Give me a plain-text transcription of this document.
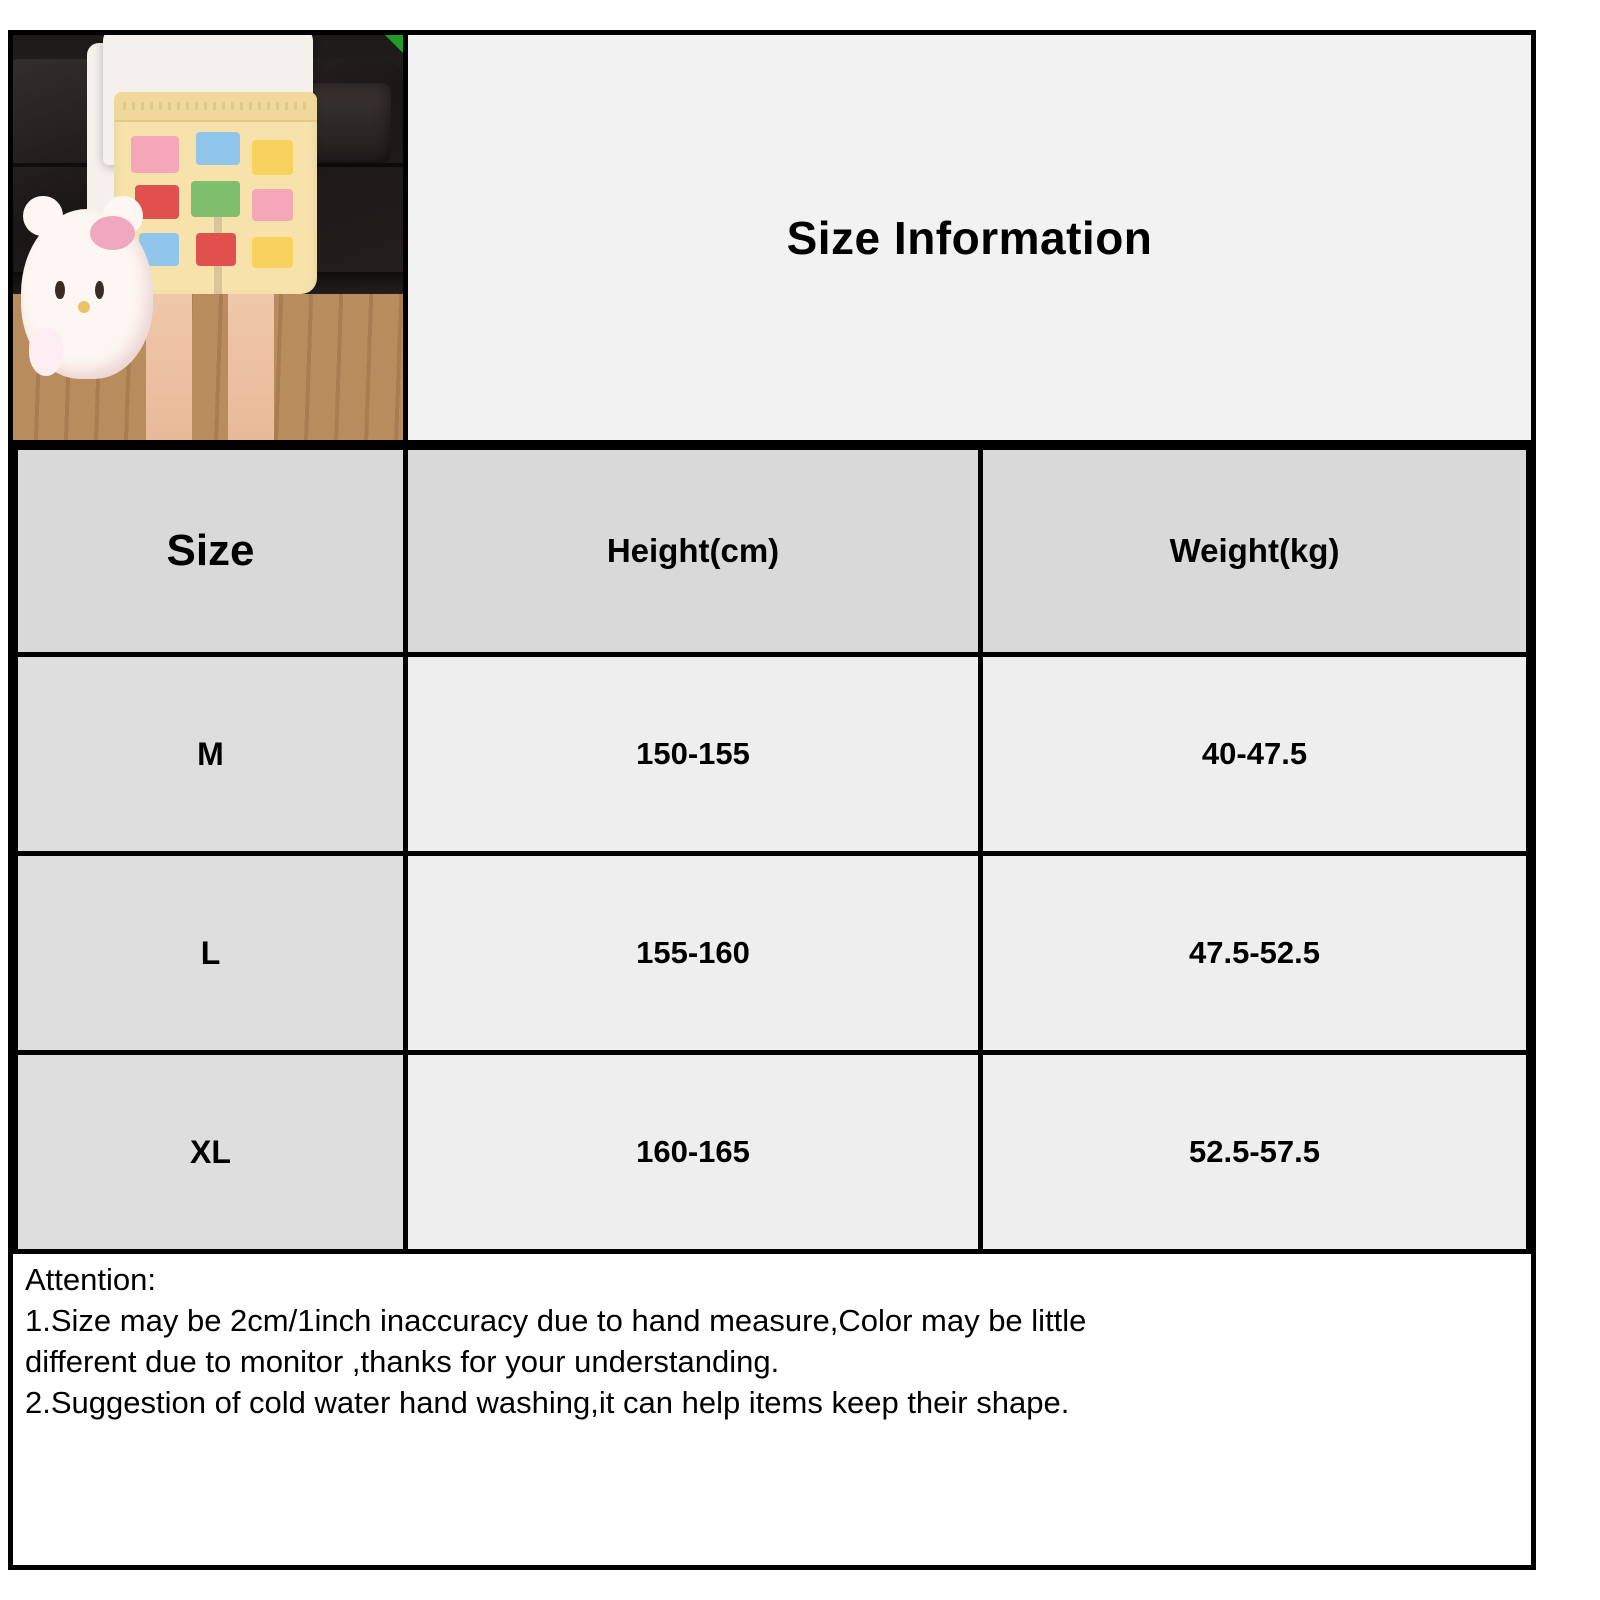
Size Information
Size	Height(cm)	Weight(kg)
M	150-155	40-47.5
L	155-160	47.5-52.5
XL	160-165	52.5-57.5
Attention:
1.Size may be 2cm/1inch inaccuracy due to hand measure,Color may be little
different due to monitor ,thanks for your understanding.
2.Suggestion of cold water hand washing,it can help items keep their shape.
